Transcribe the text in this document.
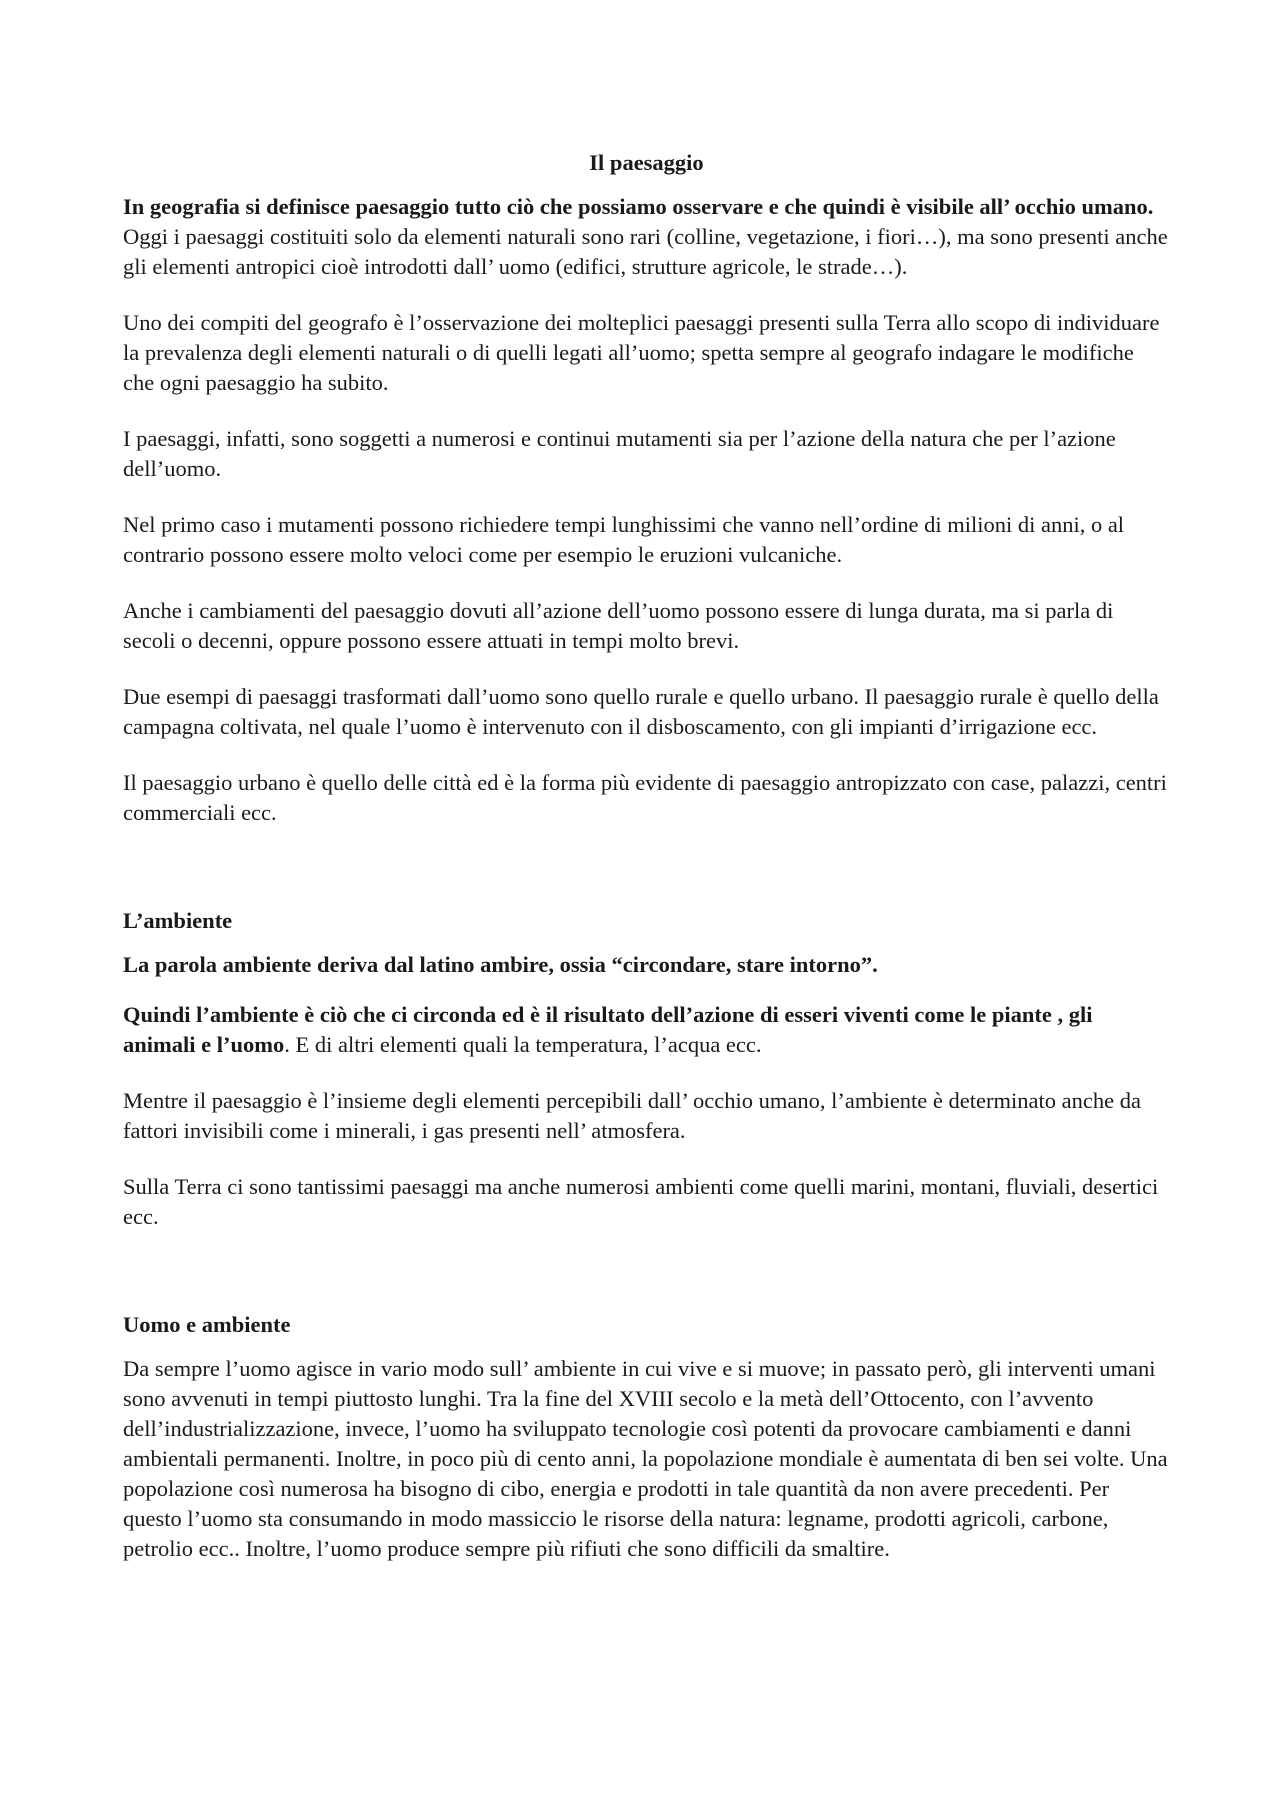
Il paesaggio

In geografia si definisce paesaggio tutto ciò che possiamo osservare e che quindi è visibile all’ occhio umano. Oggi i paesaggi costituiti solo da elementi naturali sono rari (colline, vegetazione, i fiori…), ma sono presenti anche gli elementi antropici cioè introdotti dall’ uomo (edifici, strutture agricole, le strade…).

Uno dei compiti del geografo è l’osservazione dei molteplici paesaggi presenti sulla Terra allo scopo di individuare la prevalenza degli elementi naturali o di quelli legati all’uomo; spetta sempre al geografo indagare le modifiche che ogni paesaggio ha subito.

I paesaggi, infatti, sono soggetti a numerosi e continui mutamenti sia per l’azione della natura che per l’azione dell’uomo.

Nel primo caso i mutamenti possono richiedere tempi lunghissimi che vanno nell’ordine di milioni di anni, o al contrario possono essere molto veloci come per esempio le eruzioni vulcaniche.

Anche i cambiamenti del paesaggio dovuti all’azione dell’uomo possono essere di lunga durata, ma si parla di secoli o decenni, oppure possono essere attuati in tempi molto brevi.

Due esempi di paesaggi trasformati dall’uomo sono quello rurale e quello urbano. Il paesaggio rurale è quello della campagna coltivata, nel quale l’uomo è intervenuto con il disboscamento, con gli impianti d’irrigazione ecc.

Il paesaggio urbano è quello delle città ed è la forma più evidente di paesaggio antropizzato con case, palazzi, centri commerciali ecc.

L’ambiente
La parola ambiente deriva dal latino ambire, ossia “circondare, stare intorno”.

Quindi l’ambiente è ciò che ci circonda ed è il risultato dell’azione di esseri viventi come le piante , gli animali e l’uomo. E di altri elementi quali la temperatura, l’acqua ecc.

Mentre il paesaggio è l’insieme degli elementi percepibili dall’ occhio umano, l’ambiente è determinato anche da fattori invisibili come i minerali, i gas presenti nell’ atmosfera.

Sulla Terra ci sono tantissimi paesaggi ma anche numerosi ambienti come quelli marini, montani, fluviali, desertici ecc.

Uomo e ambiente

Da sempre l’uomo agisce in vario modo sull’ ambiente in cui vive e si muove; in passato però, gli interventi umani sono avvenuti in tempi piuttosto lunghi. Tra la fine del XVIII secolo e la metà dell’Ottocento, con l’avvento dell’industrializzazione, invece, l’uomo ha sviluppato tecnologie così potenti da provocare cambiamenti e danni ambientali permanenti. Inoltre, in poco più di cento anni, la popolazione mondiale è aumentata di ben sei volte. Una popolazione così numerosa ha bisogno di cibo, energia e prodotti in tale quantità da non avere precedenti. Per questo l’uomo sta consumando in modo massiccio le risorse della natura: legname, prodotti agricoli, carbone, petrolio ecc.. Inoltre, l’uomo produce sempre più rifiuti che sono difficili da smaltire.
